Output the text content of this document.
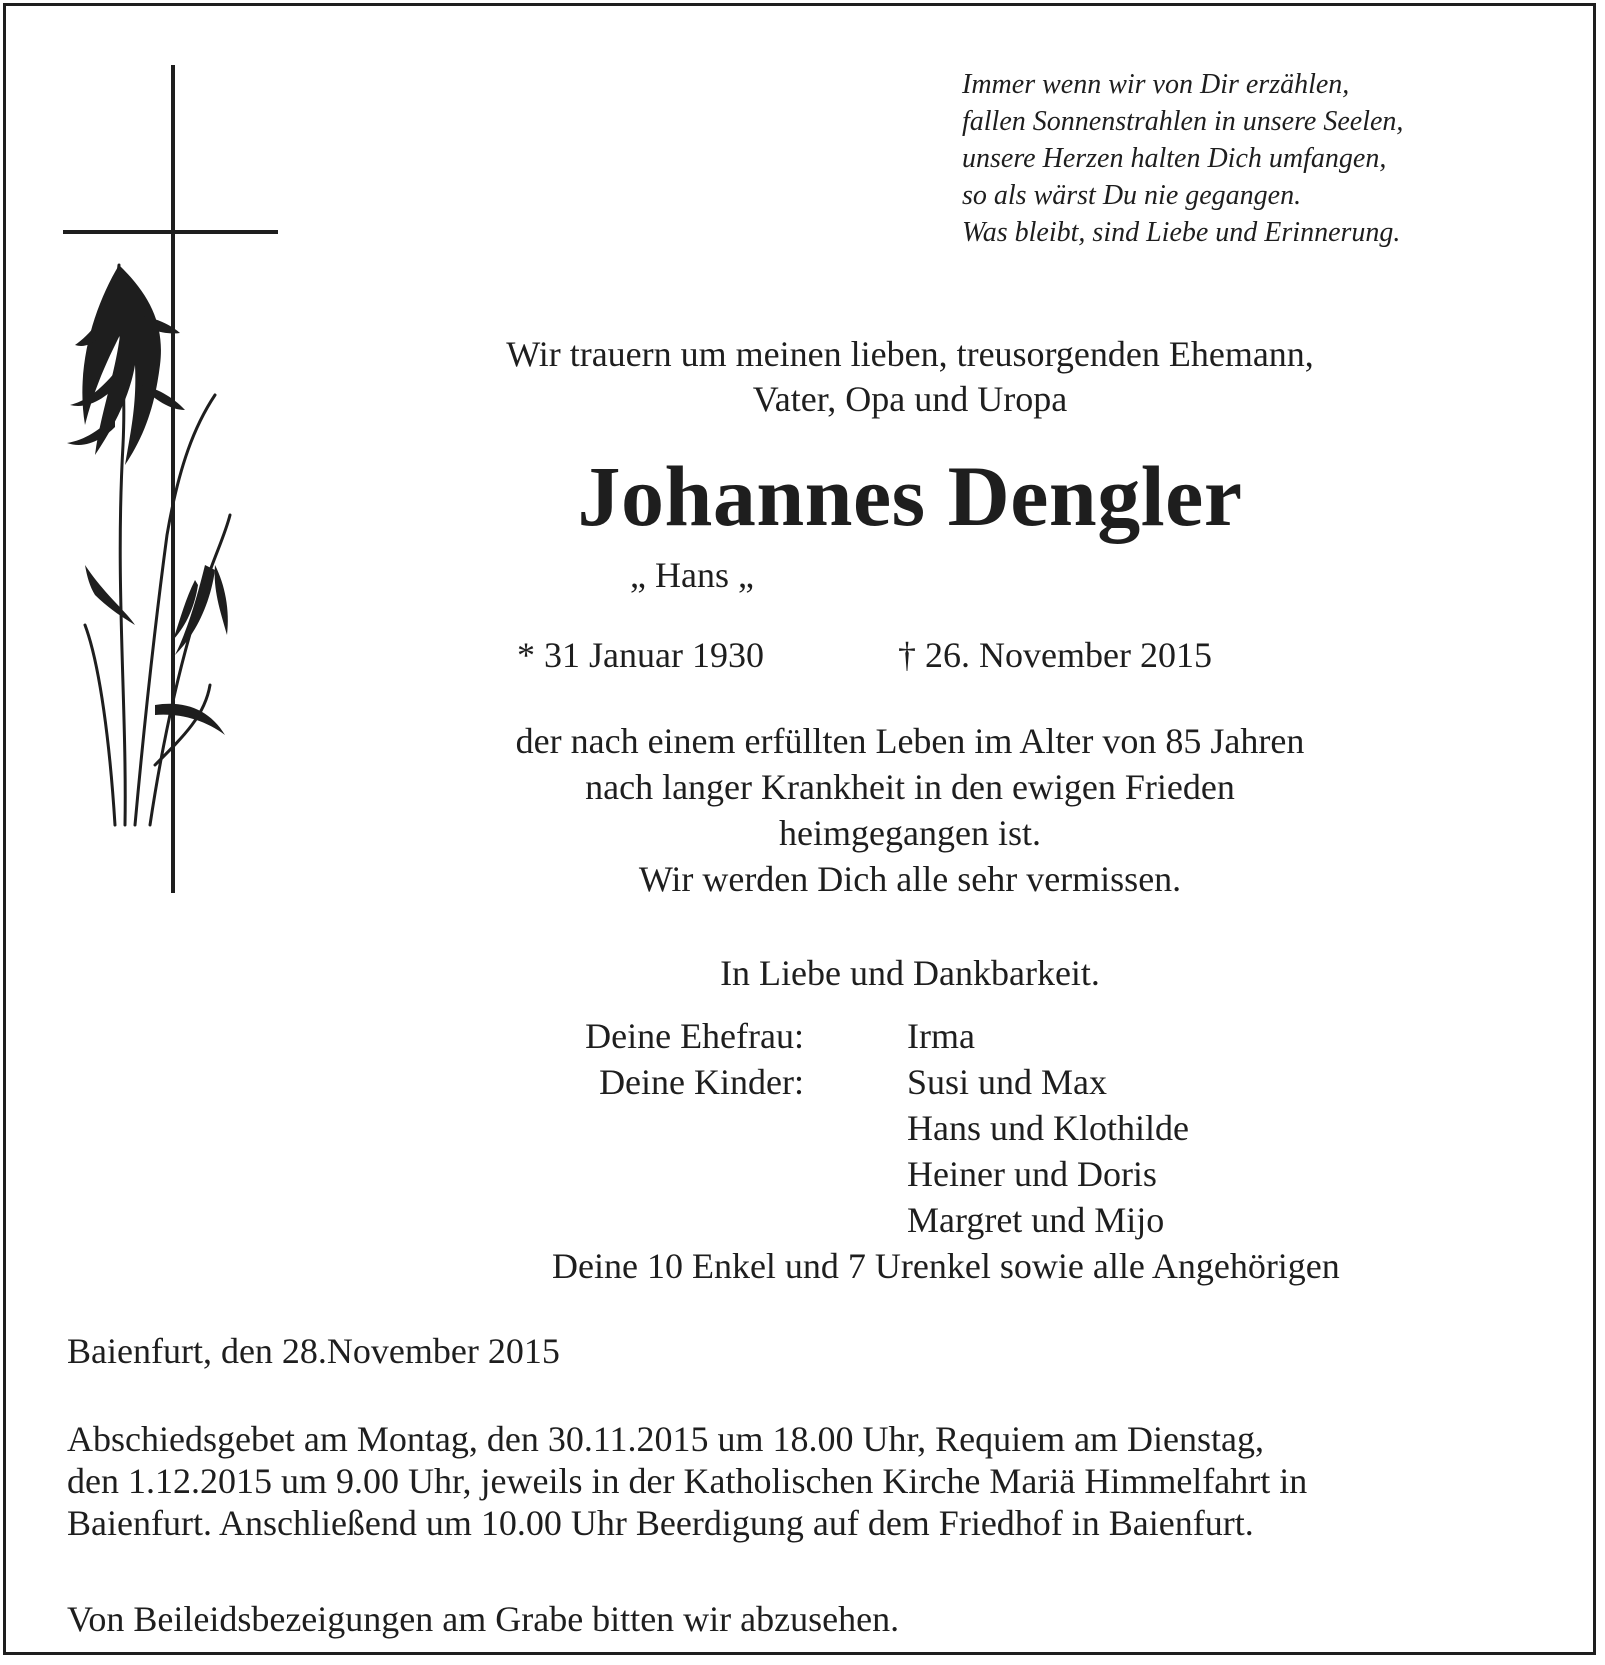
Immer wenn wir von Dir erzählen,
fallen Sonnenstrahlen in unsere Seelen,
unsere Herzen halten Dich umfangen,
so als wärst Du nie gegangen.
Was bleibt, sind Liebe und Erinnerung.
Wir trauern um meinen lieben, treusorgenden Ehemann,
Vater, Opa und Uropa
Johannes Dengler
„ Hans „
* 31 Januar 1930	† 26. November 2015
der nach einem erfüllten Leben im Alter von 85 Jahren
nach langer Krankheit in den ewigen Frieden
heimgegangen ist.
Wir werden Dich alle sehr vermissen.
In Liebe und Dankbarkeit.
Deine Ehefrau:	Irma
Deine Kinder:	Susi und Max
Hans und Klothilde
Heiner und Doris
Margret und Mijo
Deine 10 Enkel und 7 Urenkel sowie alle Angehörigen
Baienfurt, den 28.November 2015
Abschiedsgebet am Montag, den 30.11.2015 um 18.00 Uhr, Requiem am Dienstag,
den 1.12.2015 um 9.00 Uhr, jeweils in der Katholischen Kirche Mariä Himmelfahrt in
Baienfurt. Anschließend um 10.00 Uhr Beerdigung auf dem Friedhof in Baienfurt.
Von Beileidsbezeigungen am Grabe bitten wir abzusehen.
